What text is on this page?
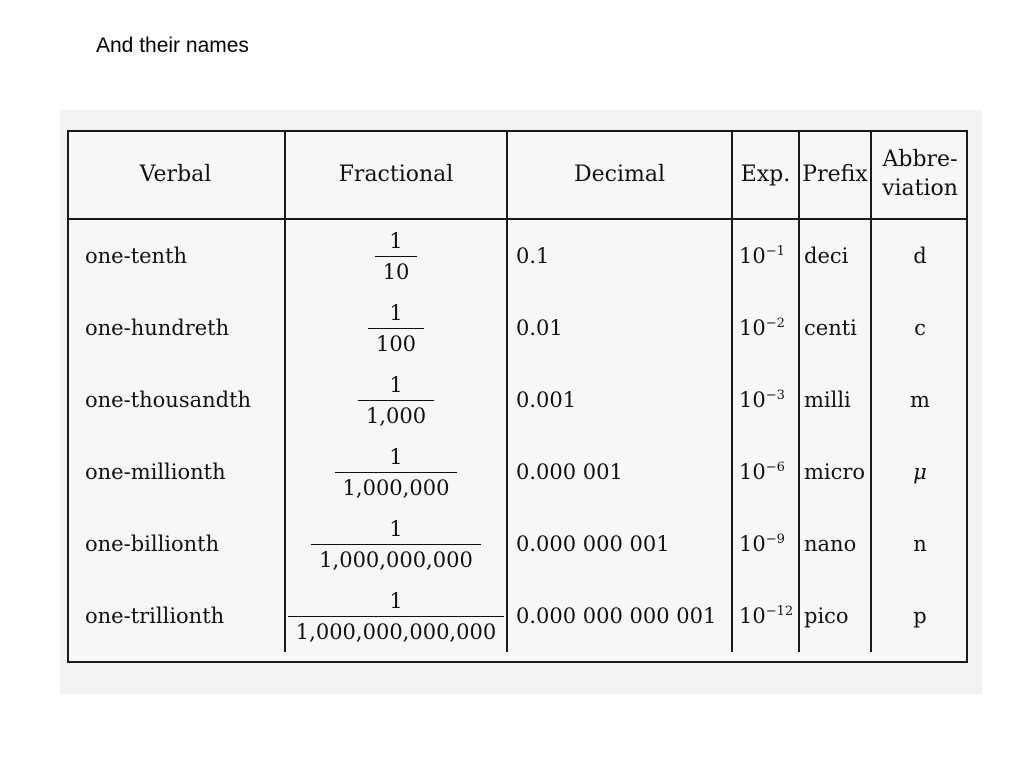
And their names
Verbal	Fractional	Decimal	Exp.	Prefix	Abbre-
viation
one-tenth	$\frac{1}{10}$	0.1	$10^{-1}$	deci	d
one-hundreth	$\frac{1}{100}$	0.01	$10^{-2}$	centi	c
one-thousandth	$\frac{1}{1,000}$	0.001	$10^{-3}$	milli	m
one-millionth	$\frac{1}{1,000,000}$	0.000 001	$10^{-6}$	micro	μ
one-billionth	$\frac{1}{1,000,000,000}$	0.000 000 001	$10^{-9}$	nano	n
one-trillionth	$\frac{1}{1,000,000,000,000}$	0.000 000 000 001	$10^{-12}$	pico	p
